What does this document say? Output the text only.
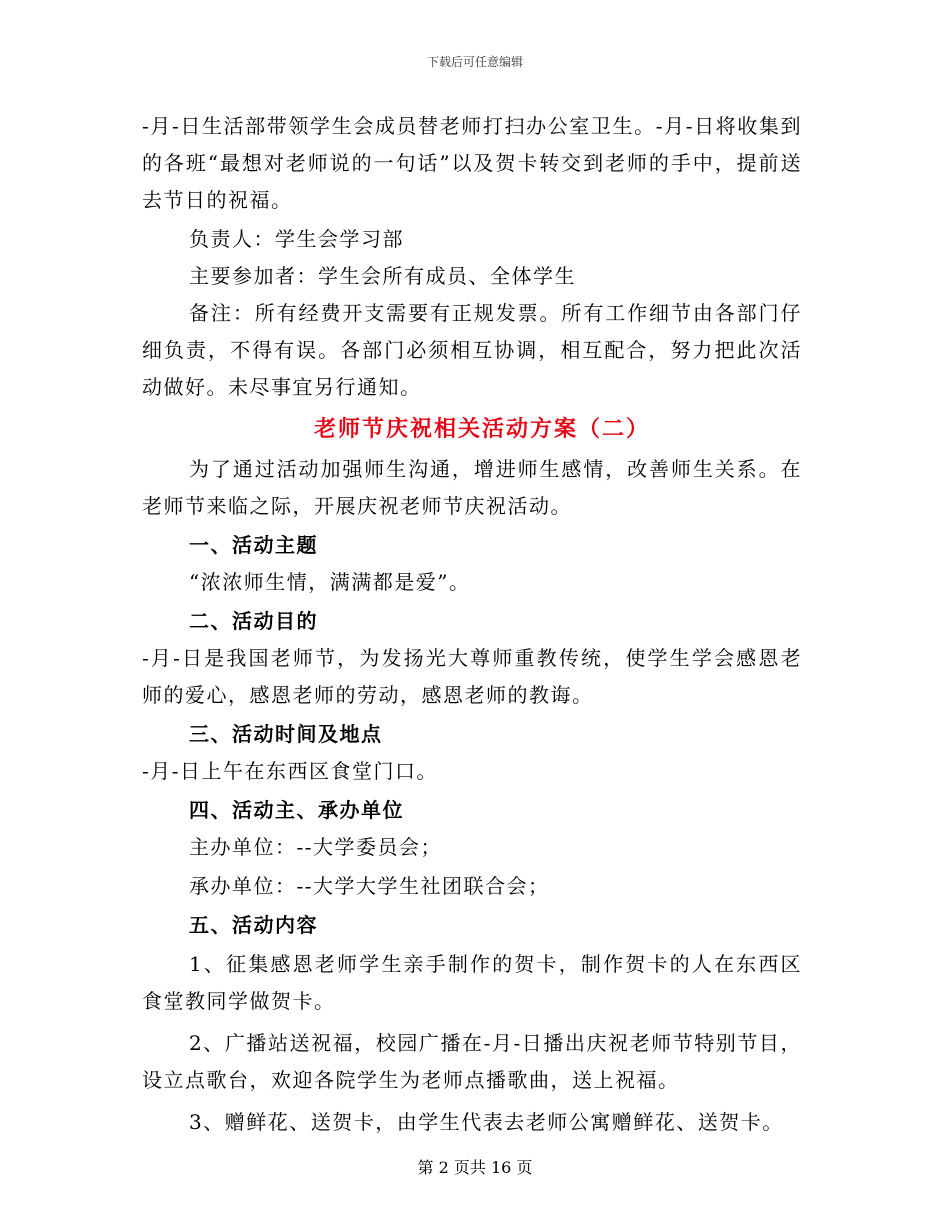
下载后可任意编辑

-月-日生活部带领学生会成员替老师打扫办公室卫生。-月-日将收集到的各班“最想对老师说的一句话”以及贺卡转交到老师的手中，提前送去节日的祝福。

负责人：学生会学习部

主要参加者：学生会所有成员、全体学生

备注：所有经费开支需要有正规发票。所有工作细节由各部门仔细负责，不得有误。各部门必须相互协调，相互配合，努力把此次活动做好。未尽事宜另行通知。

老师节庆祝相关活动方案（二）

为了通过活动加强师生沟通，增进师生感情，改善师生关系。在老师节来临之际，开展庆祝老师节庆祝活动。

一、活动主题

“浓浓师生情，满满都是爱”。

二、活动目的

-月-日是我国老师节，为发扬光大尊师重教传统，使学生学会感恩老师的爱心，感恩老师的劳动，感恩老师的教诲。

三、活动时间及地点

-月-日上午在东西区食堂门口。

四、活动主、承办单位

主办单位：--大学委员会；

承办单位：--大学大学生社团联合会；

五、活动内容

1、征集感恩老师学生亲手制作的贺卡，制作贺卡的人在东西区食堂教同学做贺卡。

2、广播站送祝福，校园广播在-月-日播出庆祝老师节特别节目，设立点歌台，欢迎各院学生为老师点播歌曲，送上祝福。

3、赠鲜花、送贺卡，由学生代表去老师公寓赠鲜花、送贺卡。

第 2 页共 16 页
